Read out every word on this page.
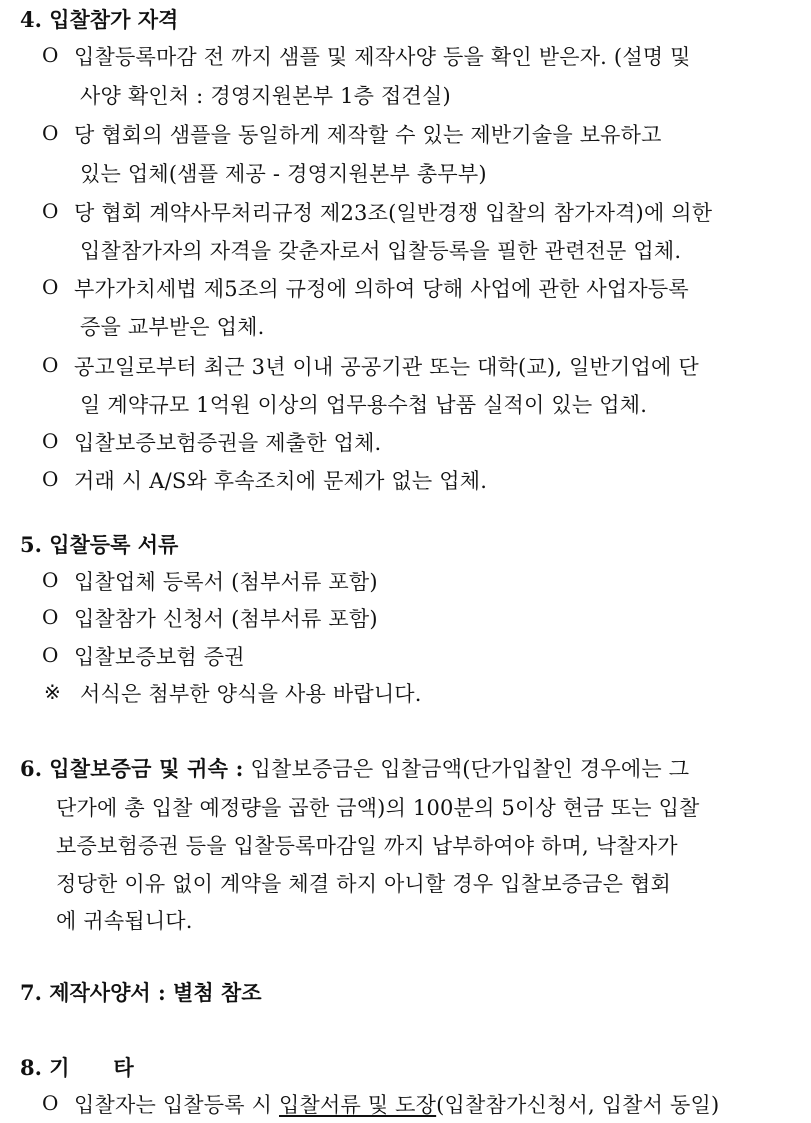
4. 입찰참가 자격
O 입찰등록마감 전 까지 샘플 및 제작사양 등을 확인 받은자. (설명 및
사양 확인처 : 경영지원본부 1층 접견실)
O 당 협회의 샘플을 동일하게 제작할 수 있는 제반기술을 보유하고
있는 업체(샘플 제공 - 경영지원본부 총무부)
O 당 협회 계약사무처리규정 제23조(일반경쟁 입찰의 참가자격)에 의한
입찰참가자의 자격을 갖춘자로서 입찰등록을 필한 관련전문 업체.
O 부가가치세법 제5조의 규정에 의하여 당해 사업에 관한 사업자등록
증을 교부받은 업체.
O 공고일로부터 최근 3년 이내 공공기관 또는 대학(교), 일반기업에 단
일 계약규모 1억원 이상의 업무용수첩 납품 실적이 있는 업체.
O 입찰보증보험증권을 제출한 업체.
O 거래 시 A/S와 후속조치에 문제가 없는 업체.
5. 입찰등록 서류
O 입찰업체 등록서 (첨부서류 포함)
O 입찰참가 신청서 (첨부서류 포함)
O 입찰보증보험 증권
※ 서식은 첨부한 양식을 사용 바랍니다.
6. 입찰보증금 및 귀속 : 입찰보증금은 입찰금액(단가입찰인 경우에는 그
단가에 총 입찰 예정량을 곱한 금액)의 100분의 5이상 현금 또는 입찰
보증보험증권 등을 입찰등록마감일 까지 납부하여야 하며, 낙찰자가
정당한 이유 없이 계약을 체결 하지 아니할 경우 입찰보증금은 협회
에 귀속됩니다.
7. 제작사양서 : 별첨 참조
8. 기      타
O 입찰자는 입찰등록 시 입찰서류 및 도장(입찰참가신청서, 입찰서 동일)
